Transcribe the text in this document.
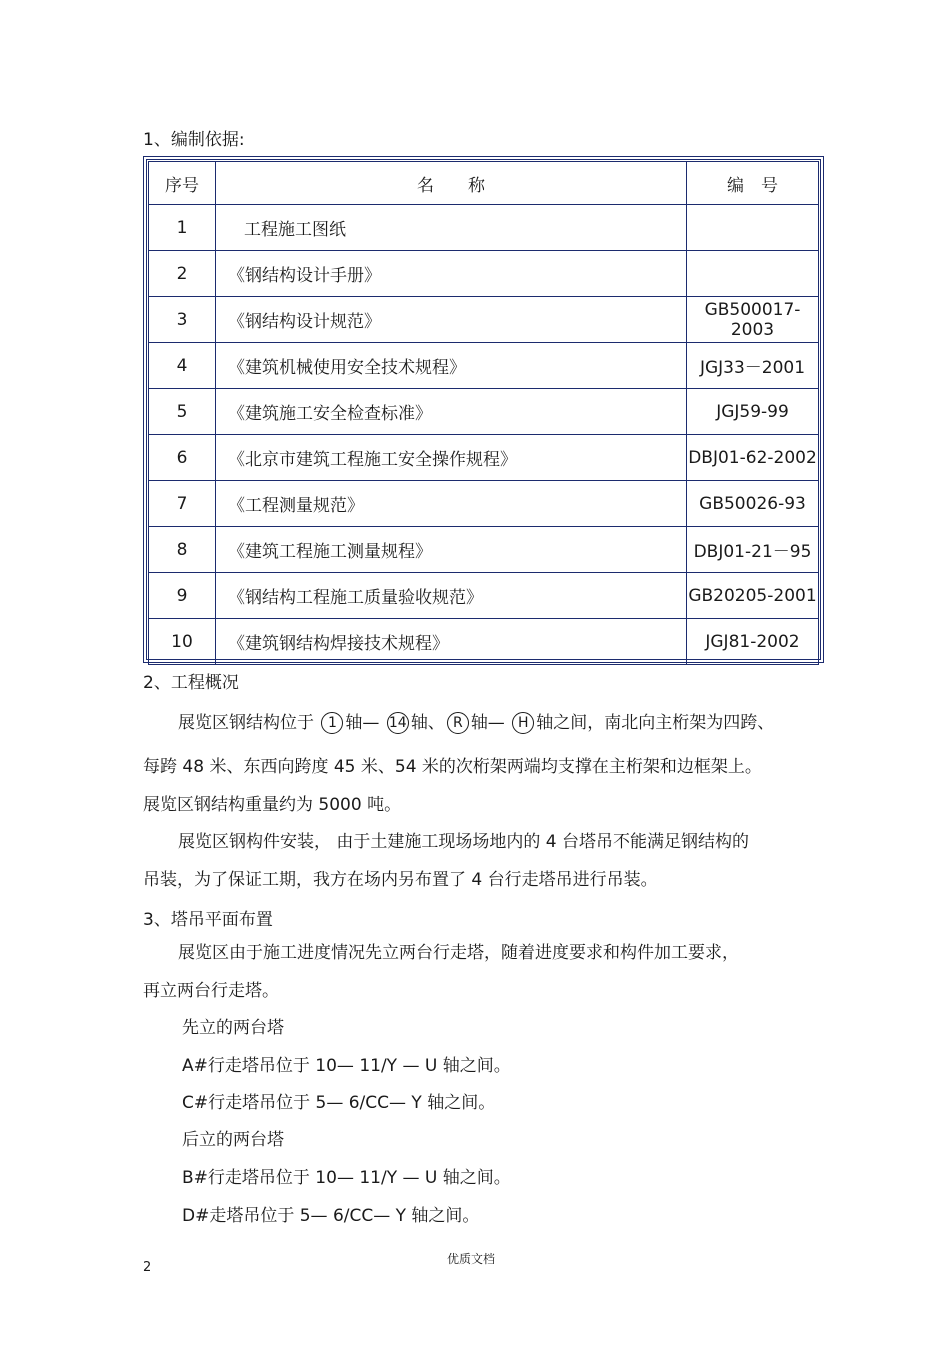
1、编制依据:
序号	名　　称	编　号
1	工程施工图纸	
2	《钢结构设计手册》	
3	《钢结构设计规范》	GB500017-2003
4	《建筑机械使用安全技术规程》	JGJ33－2001
5	《建筑施工安全检查标准》	JGJ59-99
6	《北京市建筑工程施工安全操作规程》	DBJ01-62-2002
7	《工程测量规范》	GB50026-93
8	《建筑工程施工测量规程》	DBJ01-21－95
9	《钢结构工程施工质量验收规范》	GB20205-2001
10	《建筑钢结构焊接技术规程》	JGJ81-2002
2、工程概况
展览区钢结构位于 1 轴— 14 轴、 R 轴— H 轴之间，南北向主桁架为四跨、
每跨 48 米、东西向跨度 45 米、54 米的次桁架两端均支撑在主桁架和边框架上。
展览区钢结构重量约为 5000 吨。
展览区钢构件安装， 由于土建施工现场场地内的 4 台塔吊不能满足钢结构的
吊装，为了保证工期，我方在场内另布置了 4 台行走塔吊进行吊装。
3、塔吊平面布置
展览区由于施工进度情况先立两台行走塔，随着进度要求和构件加工要求，
再立两台行走塔。
先立的两台塔
A#行走塔吊位于 10— 11/Y — U 轴之间。
C#行走塔吊位于 5— 6/CC— Y 轴之间。
后立的两台塔
B#行走塔吊位于 10— 11/Y — U 轴之间。
D#走塔吊位于 5— 6/CC— Y 轴之间。
2
优质文档
